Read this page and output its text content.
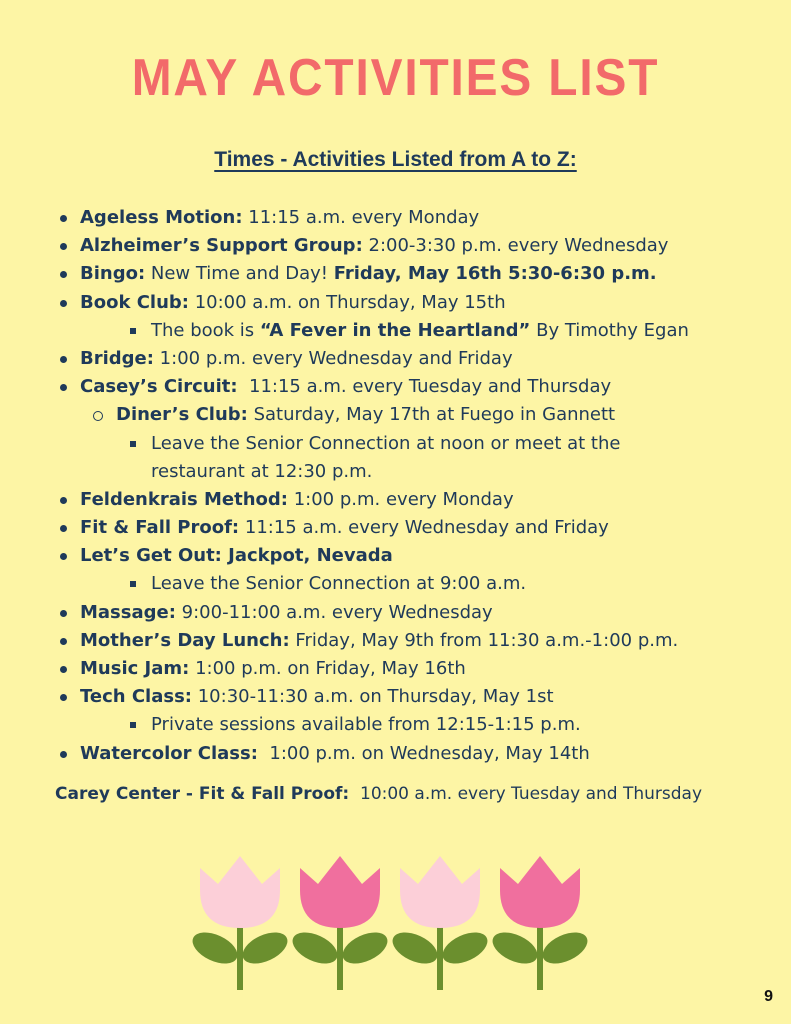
MAY ACTIVITIES LIST
Times - Activities Listed from A to Z:
Ageless Motion: 11:15 a.m. every Monday
Alzheimer’s Support Group: 2:00-3:30 p.m. every Wednesday
Bingo: New Time and Day! Friday, May 16th 5:30-6:30 p.m.
Book Club: 10:00 a.m. on Thursday, May 15th
The book is “A Fever in the Heartland” By Timothy Egan
Bridge: 1:00 p.m. every Wednesday and Friday
Casey’s Circuit:  11:15 a.m. every Tuesday and Thursday
Diner’s Club: Saturday, May 17th at Fuego in Gannett
Leave the Senior Connection at noon or meet at the
restaurant at 12:30 p.m.
Feldenkrais Method: 1:00 p.m. every Monday
Fit & Fall Proof: 11:15 a.m. every Wednesday and Friday
Let’s Get Out: Jackpot, Nevada
Leave the Senior Connection at 9:00 a.m.
Massage: 9:00-11:00 a.m. every Wednesday
Mother’s Day Lunch: Friday, May 9th from 11:30 a.m.-1:00 p.m.
Music Jam: 1:00 p.m. on Friday, May 16th
Tech Class: 10:30-11:30 a.m. on Thursday, May 1st
Private sessions available from 12:15-1:15 p.m.
Watercolor Class:  1:00 p.m. on Wednesday, May 14th
Carey Center - Fit & Fall Proof:  10:00 a.m. every Tuesday and Thursday
9
